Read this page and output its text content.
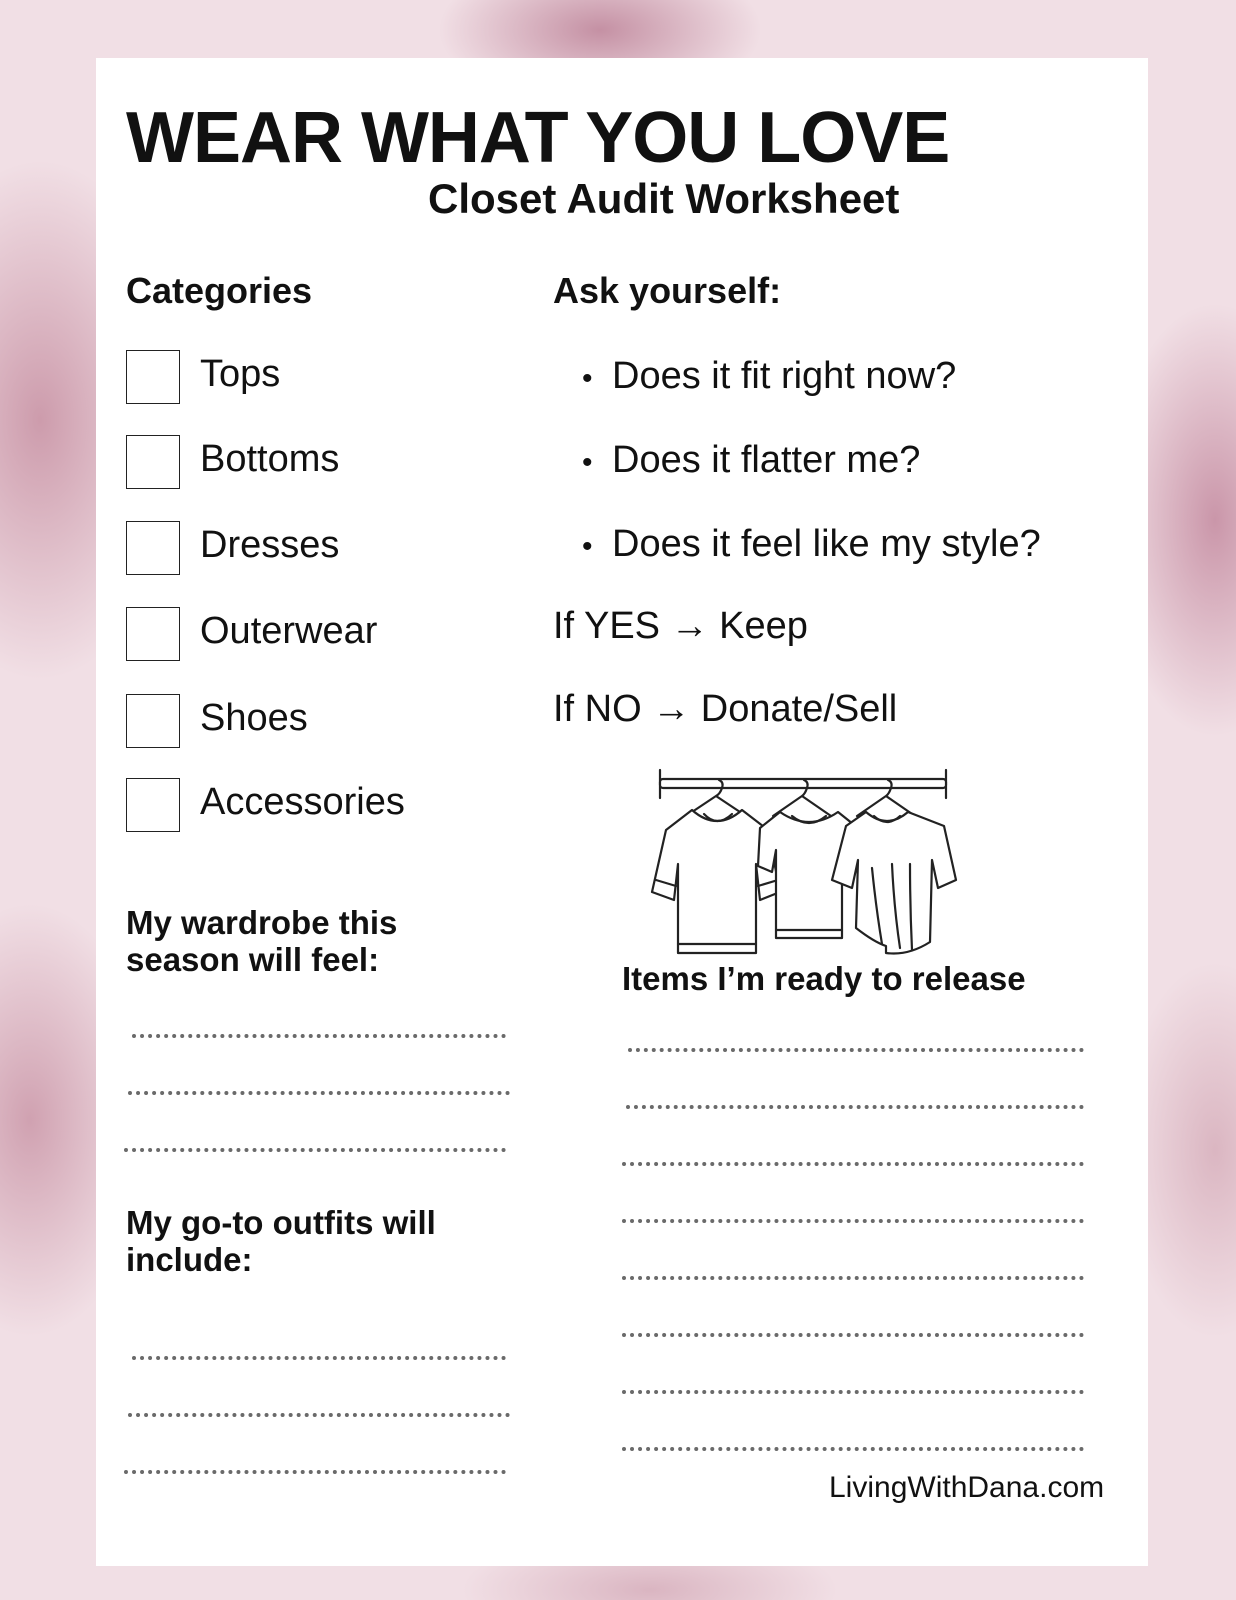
WEAR WHAT YOU LOVE
Closet Audit Worksheet
Categories
Tops
Bottoms
Dresses
Outerwear
Shoes
Accessories
Ask yourself:
• Does it fit right now?
• Does it flatter me?
• Does it feel like my style?
If YES → Keep
If NO → Donate/Sell
My wardrobe this
season will feel:
My go-to outfits will
include:
Items I’m ready to release
LivingWithDana.com
